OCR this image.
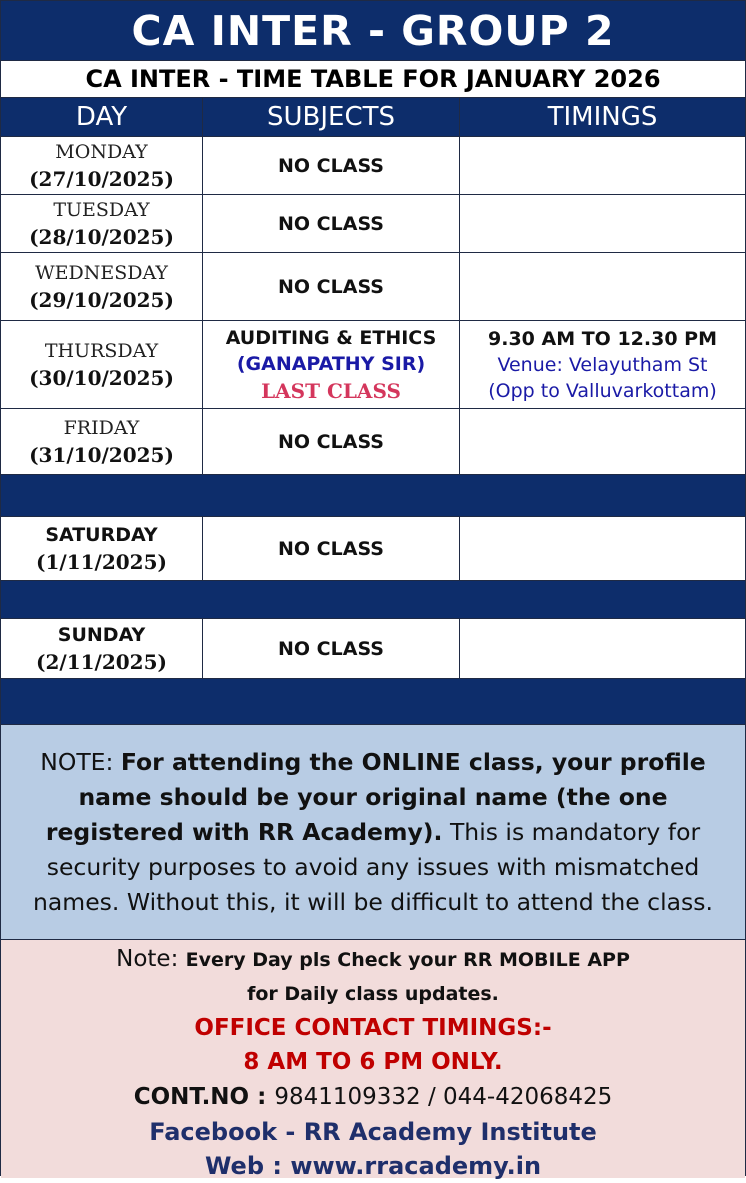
CA INTER - GROUP 2
CA INTER - TIME TABLE FOR JANUARY 2026
DAY	SUBJECTS	TIMINGS
MONDAY
(27/10/2025)
NO CLASS
TUESDAY
(28/10/2025)
NO CLASS
WEDNESDAY
(29/10/2025)
NO CLASS
THURSDAY
(30/10/2025)
AUDITING & ETHICS
(GANAPATHY SIR)
LAST CLASS
9.30 AM TO 12.30 PM
Venue: Velayutham St
(Opp to Valluvarkottam)
FRIDAY
(31/10/2025)
NO CLASS
SATURDAY
(1/11/2025)
NO CLASS
SUNDAY
(2/11/2025)
NO CLASS
NOTE: For attending the ONLINE class, your profile name should be your original name (the one registered with RR Academy). This is mandatory for security purposes to avoid any issues with mismatched names. Without this, it will be difficult to attend the class.
Note: Every Day pls Check your RR MOBILE APP
for Daily class updates.
OFFICE CONTACT TIMINGS:-
8 AM TO 6 PM ONLY.
CONT.NO : 9841109332 / 044-42068425
Facebook - RR Academy Institute
Web : www.rracademy.in
